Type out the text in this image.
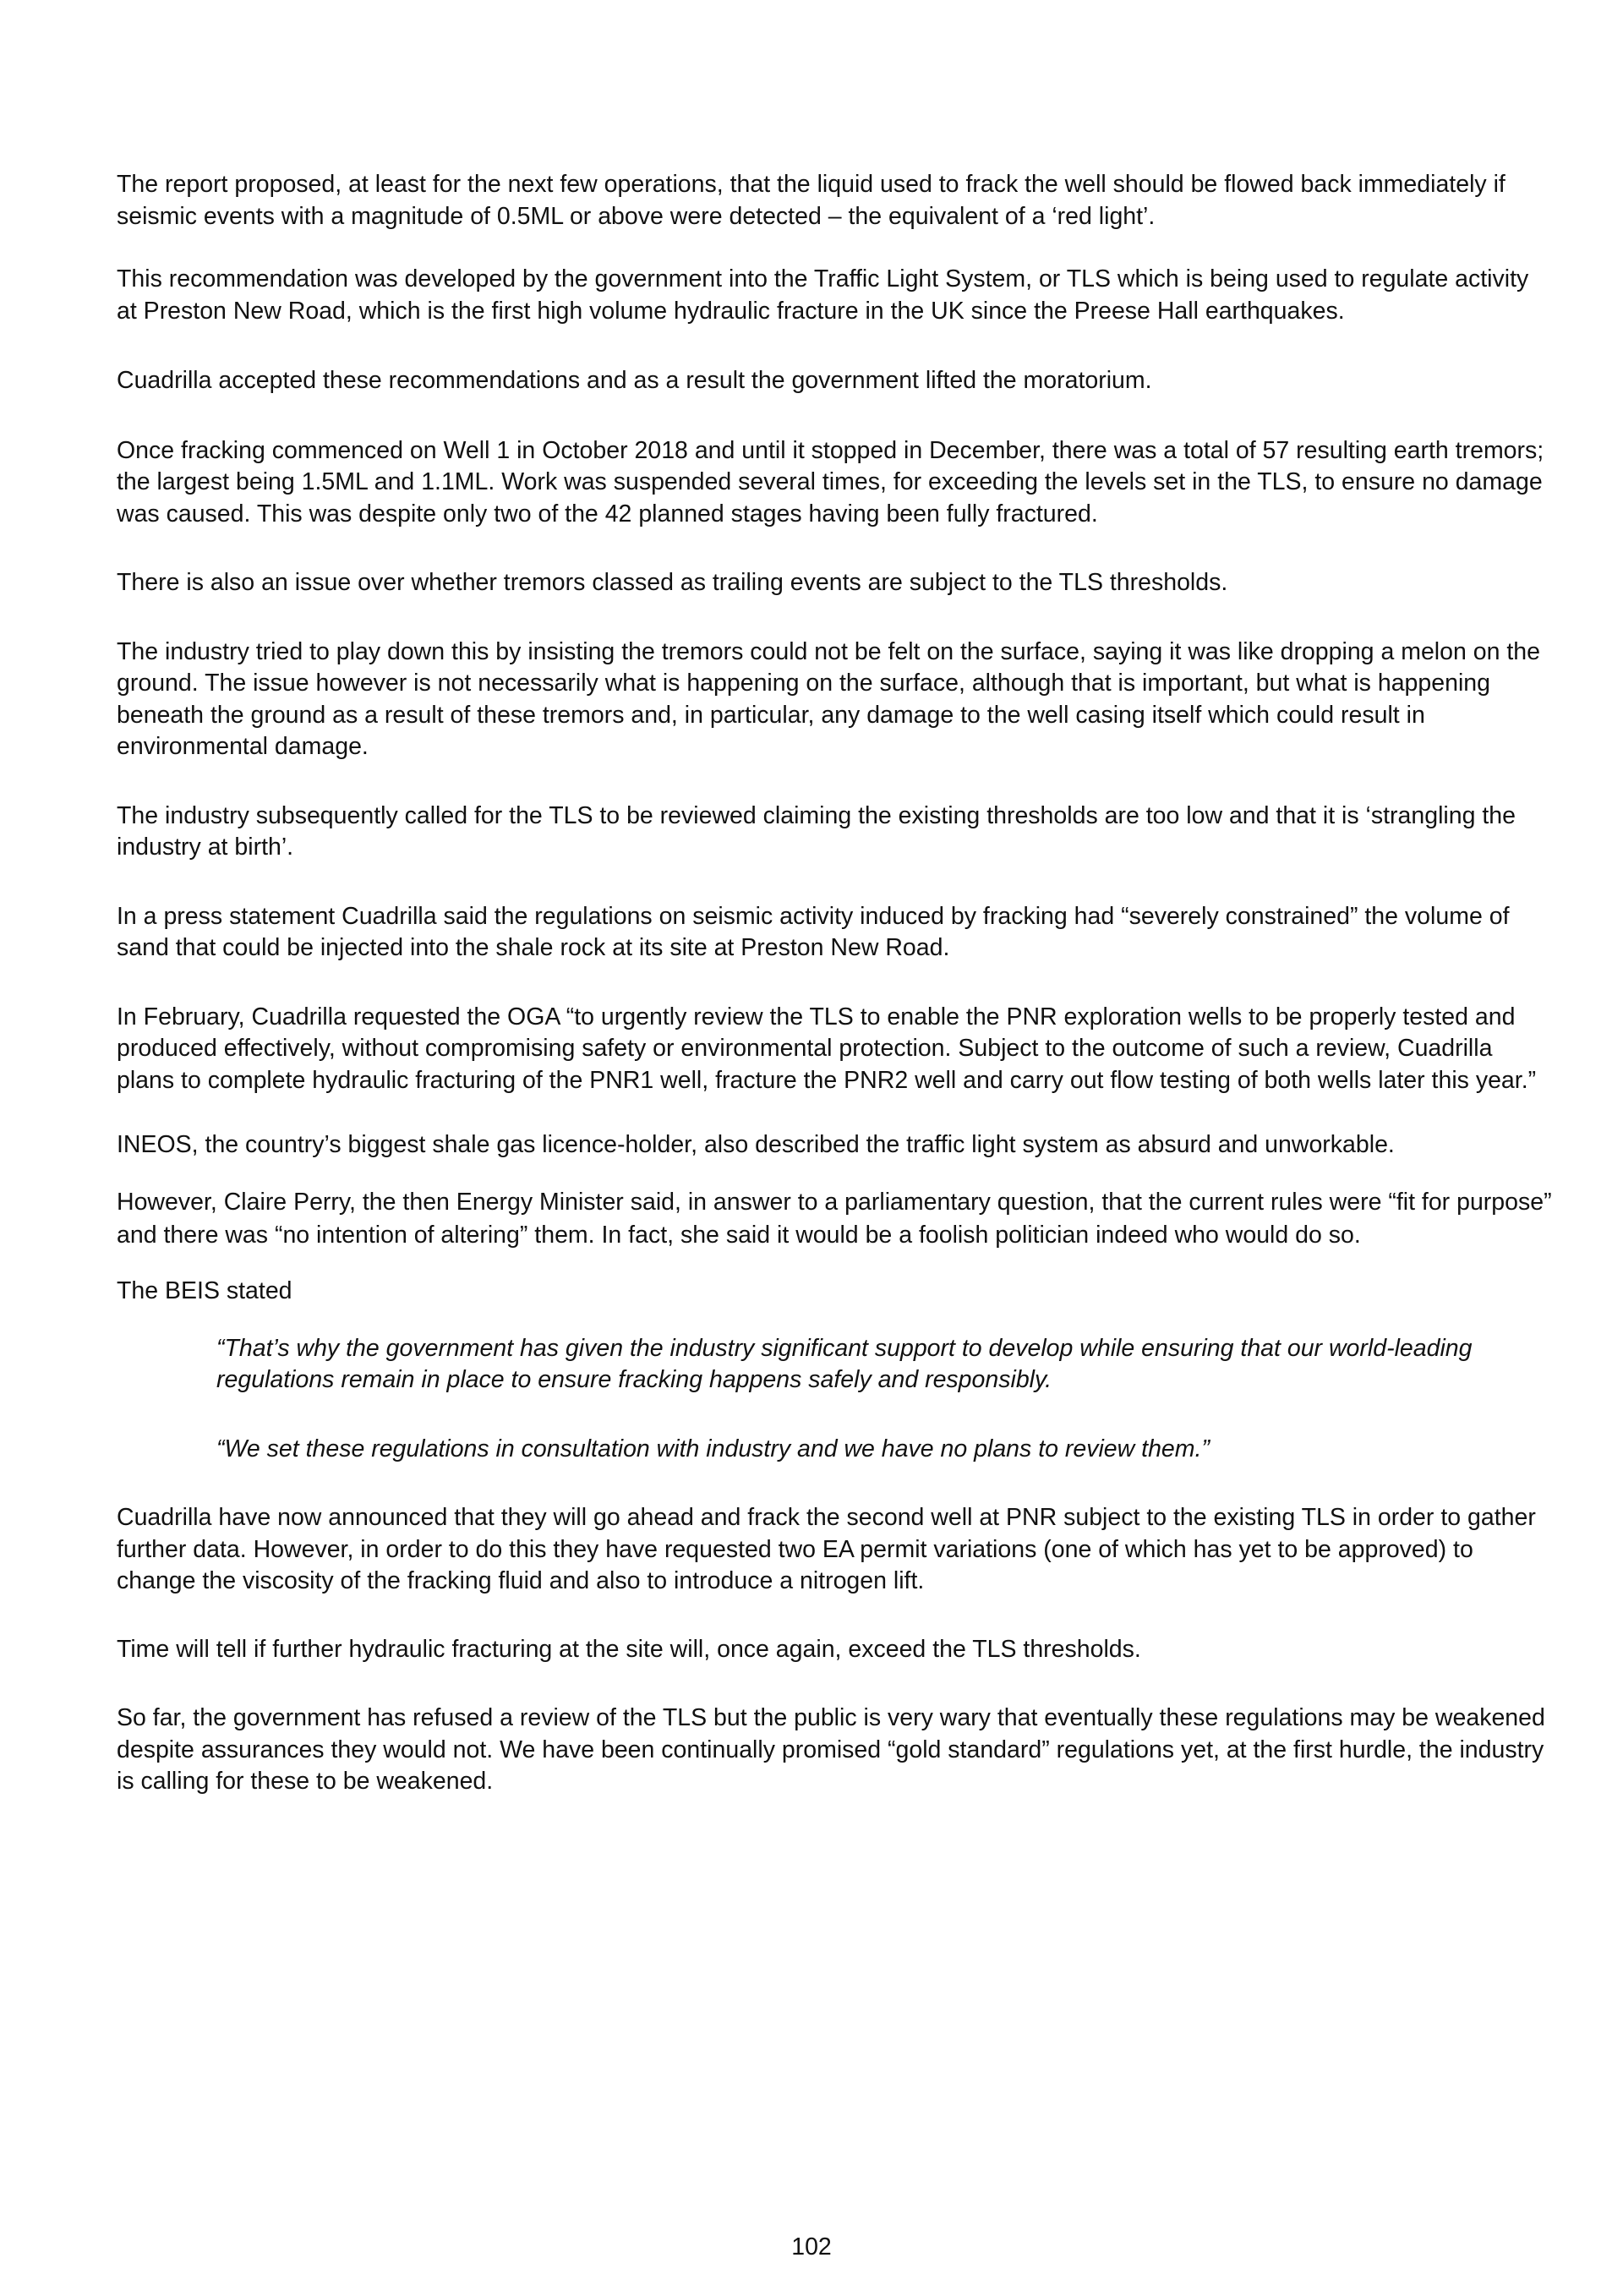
The report proposed, at least for the next few operations, that the liquid used to frack the well should be flowed back immediately if seismic events with a magnitude of 0.5ML or above were detected – the equivalent of a ‘red light’.

This recommendation was developed by the government into the Traffic Light System, or TLS which is being used to regulate activity at Preston New Road, which is the first high volume hydraulic fracture in the UK since the Preese Hall earthquakes.

Cuadrilla accepted these recommendations and as a result the government lifted the moratorium.

Once fracking commenced on Well 1 in October 2018 and until it stopped in December, there was a total of 57 resulting earth tremors; the largest being 1.5ML and 1.1ML. Work was suspended several times, for exceeding the levels set in the TLS, to ensure no damage was caused. This was despite only two of the 42 planned stages having been fully fractured.

There is also an issue over whether tremors classed as trailing events are subject to the TLS thresholds.

The industry tried to play down this by insisting the tremors could not be felt on the surface, saying it was like dropping a melon on the ground. The issue however is not necessarily what is happening on the surface, although that is important, but what is happening beneath the ground as a result of these tremors and, in particular, any damage to the well casing itself which could result in environmental damage.

The industry subsequently called for the TLS to be reviewed claiming the existing thresholds are too low and that it is ‘strangling the industry at birth’.

In a press statement Cuadrilla said the regulations on seismic activity induced by fracking had “severely constrained” the volume of sand that could be injected into the shale rock at its site at Preston New Road.

In February, Cuadrilla requested the OGA “to urgently review the TLS to enable the PNR exploration wells to be properly tested and produced effectively, without compromising safety or environmental protection. Subject to the outcome of such a review, Cuadrilla plans to complete hydraulic fracturing of the PNR1 well, fracture the PNR2 well and carry out flow testing of both wells later this year.”

INEOS, the country’s biggest shale gas licence-holder, also described the traffic light system as absurd and unworkable.

However, Claire Perry, the then Energy Minister said, in answer to a parliamentary question, that the current rules were “fit for purpose” and there was “no intention of altering” them. In fact, she said it would be a foolish politician indeed who would do so.

The BEIS stated

“That’s why the government has given the industry significant support to develop while ensuring that our world-leading regulations remain in place to ensure fracking happens safely and responsibly.

“We set these regulations in consultation with industry and we have no plans to review them.”

Cuadrilla have now announced that they will go ahead and frack the second well at PNR subject to the existing TLS in order to gather further data. However, in order to do this they have requested two EA permit variations (one of which has yet to be approved) to change the viscosity of the fracking fluid and also to introduce a nitrogen lift.

Time will tell if further hydraulic fracturing at the site will, once again, exceed the TLS thresholds.

So far, the government has refused a review of the TLS but the public is very wary that eventually these regulations may be weakened despite assurances they would not. We have been continually promised “gold standard” regulations yet, at the first hurdle, the industry is calling for these to be weakened.

102
